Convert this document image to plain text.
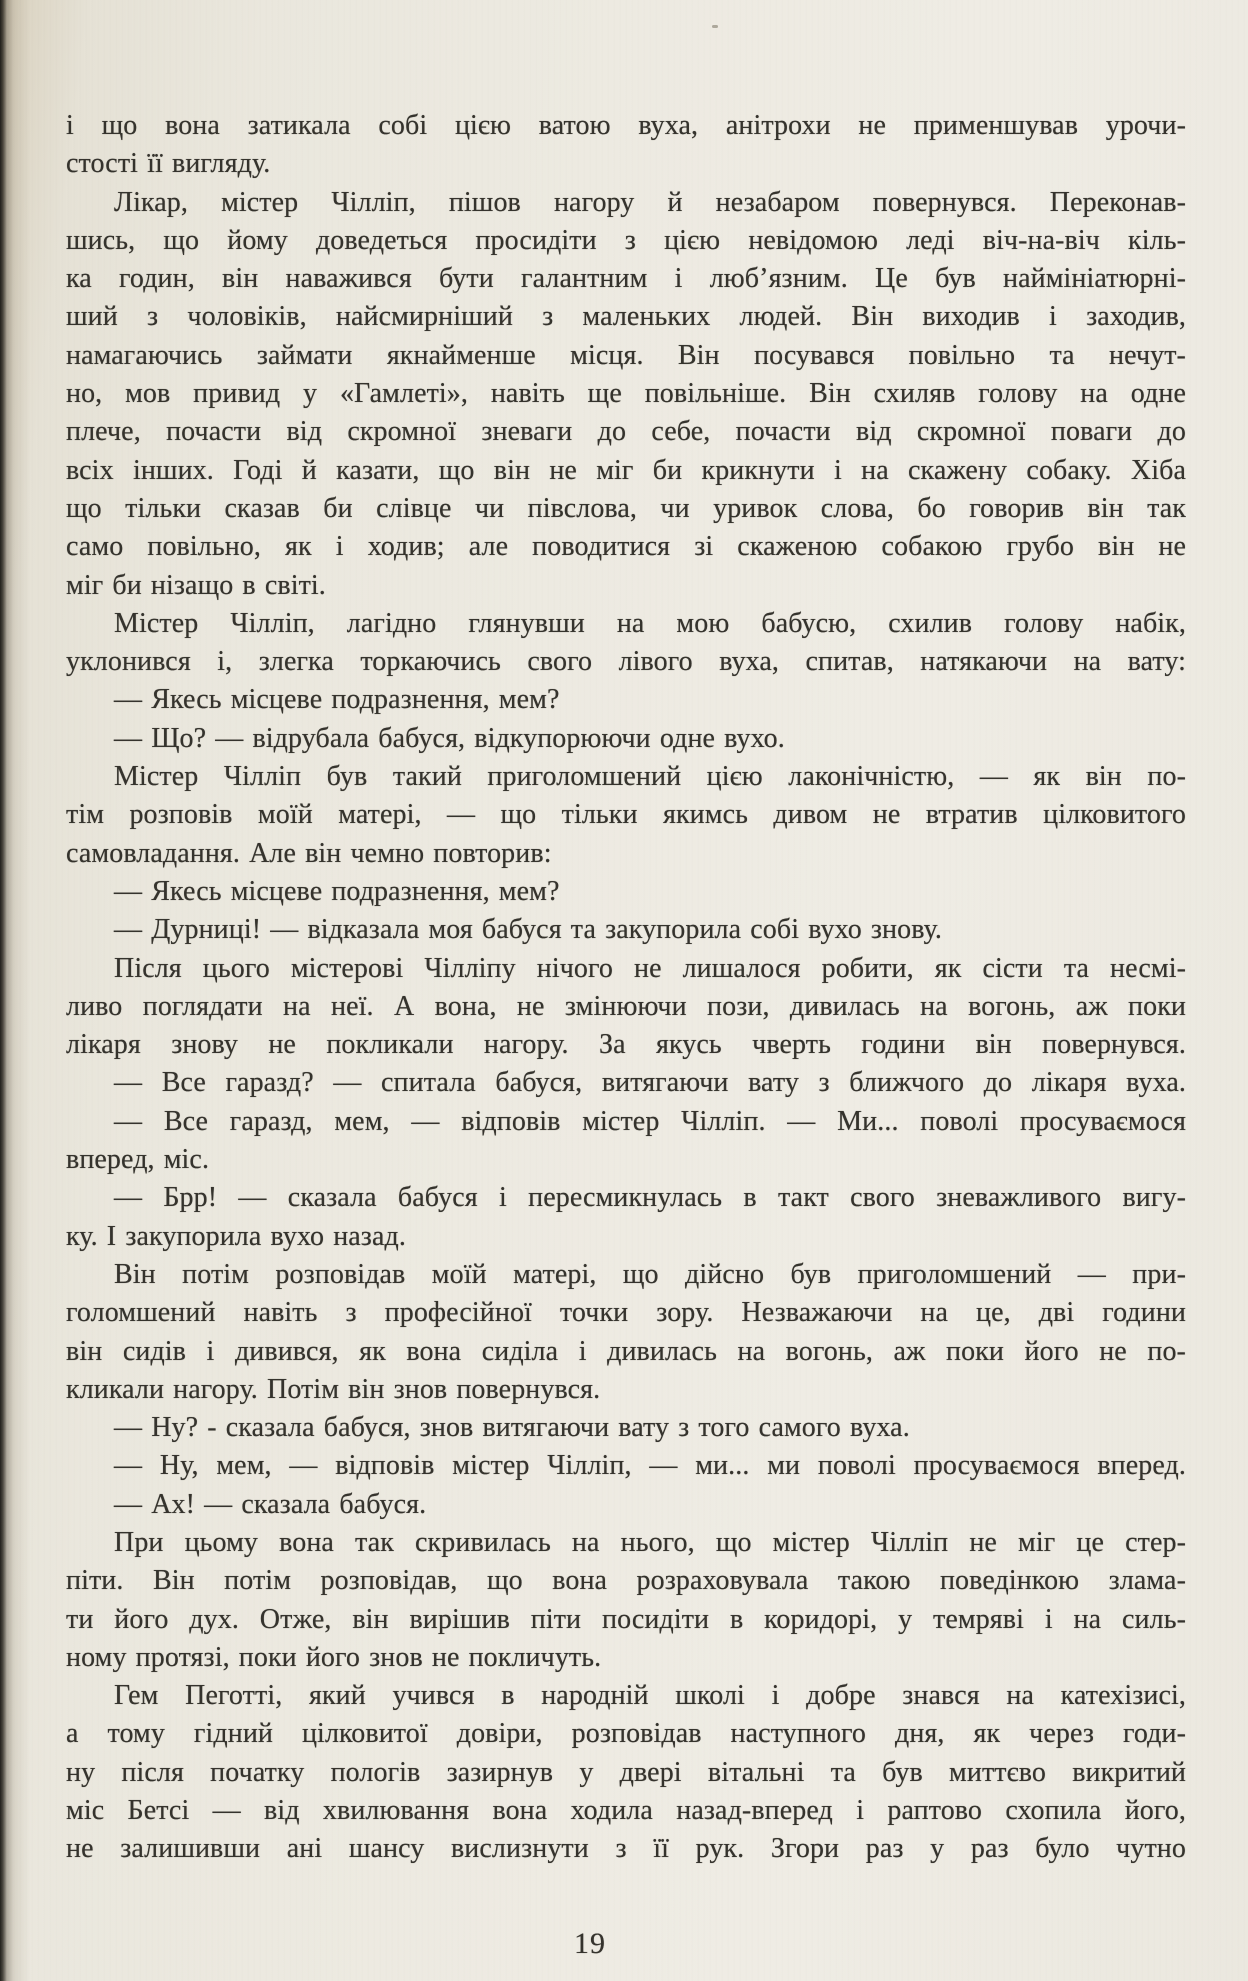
і що вона затикала собі цією ватою вуха, анітрохи не применшував урочи-
стості її вигляду.
Лікар, містер Чілліп, пішов нагору й незабаром повернувся. Переконав-
шись, що йому доведеться просидіти з цією невідомою леді віч-на-віч кіль-
ка годин, він наважився бути галантним і люб’язним. Це був наймініатюрні-
ший з чоловіків, найсмирніший з маленьких людей. Він виходив і заходив,
намагаючись займати якнайменше місця. Він посувався повільно та нечут-
но, мов привид у «Гамлеті», навіть ще повільніше. Він схиляв голову на одне
плече, почасти від скромної зневаги до себе, почасти від скромної поваги до
всіх інших. Годі й казати, що він не міг би крикнути і на скажену собаку. Хіба
що тільки сказав би слівце чи півслова, чи уривок слова, бо говорив він так
само повільно, як і ходив; але поводитися зі скаженою собакою грубо він не
міг би нізащо в світі.
Містер Чілліп, лагідно глянувши на мою бабусю, схилив голову набік,
уклонився і, злегка торкаючись свого лівого вуха, спитав, натякаючи на вату:
— Якесь місцеве подразнення, мем?
— Що? — відрубала бабуся, відкупорюючи одне вухо.
Містер Чілліп був такий приголомшений цією лаконічністю, — як він по-
тім розповів моїй матері, — що тільки якимсь дивом не втратив цілковитого
самовладання. Але він чемно повторив:
— Якесь місцеве подразнення, мем?
— Дурниці! — відказала моя бабуся та закупорила собі вухо знову.
Після цього містерові Чілліпу нічого не лишалося робити, як сісти та несмі-
ливо поглядати на неї. А вона, не змінюючи пози, дивилась на вогонь, аж поки
лікаря знову не покликали нагору. За якусь чверть години він повернувся.
— Все гаразд? — спитала бабуся, витягаючи вату з ближчого до лікаря вуха.
— Все гаразд, мем, — відповів містер Чілліп. — Ми... поволі просуваємося
вперед, міс.
— Брр! — сказала бабуся і пересмикнулась в такт свого зневажливого вигу-
ку. І закупорила вухо назад.
Він потім розповідав моїй матері, що дійсно був приголомшений — при-
голомшений навіть з професійної точки зору. Незважаючи на це, дві години
він сидів і дивився, як вона сиділа і дивилась на вогонь, аж поки його не по-
кликали нагору. Потім він знов повернувся.
— Ну? - сказала бабуся, знов витягаючи вату з того самого вуха.
— Ну, мем, — відповів містер Чілліп, — ми... ми поволі просуваємося вперед.
— Ах! — сказала бабуся.
При цьому вона так скривилась на нього, що містер Чілліп не міг це стер-
піти. Він потім розповідав, що вона розраховувала такою поведінкою злама-
ти його дух. Отже, він вирішив піти посидіти в коридорі, у темряві і на силь-
ному протязі, поки його знов не покличуть.
Гем Пеготті, який учився в народній школі і добре знався на катехізисі,
а тому гідний цілковитої довіри, розповідав наступного дня, як через годи-
ну після початку пологів зазирнув у двері вітальні та був миттєво викритий
міс Бетсі — від хвилювання вона ходила назад-вперед і раптово схопила його,
не залишивши ані шансу вислизнути з її рук. Згори раз у раз було чутно
19
